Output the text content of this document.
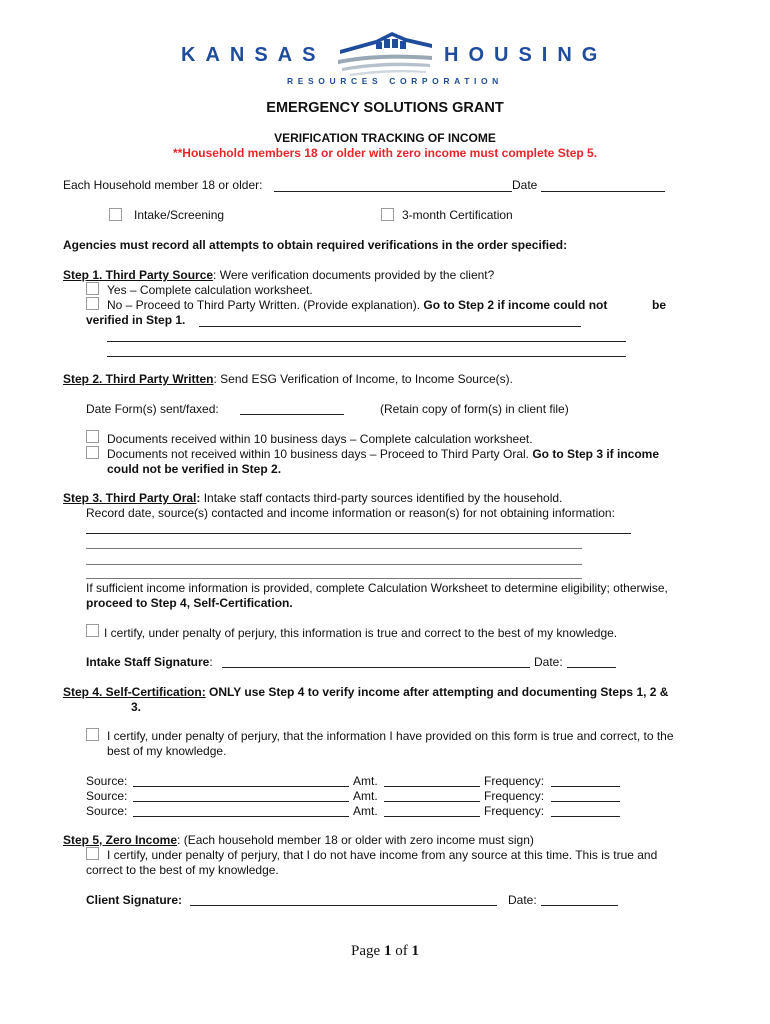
KANSAS	HOUSING
RESOURCES CORPORATION
EMERGENCY SOLUTIONS GRANT
VERIFICATION TRACKING OF INCOME
**Household members 18 or older with zero income must complete Step 5.
Each Household member 18 or older:	Date
Intake/Screening	3-month Certification
Agencies must record all attempts to obtain required verifications in the order specified:
Step 1. Third Party Source: Were verification documents provided by the client?
Yes – Complete calculation worksheet.
No – Proceed to Third Party Written. (Provide explanation). Go to Step 2 if income could not	be
verified in Step 1.
Step 2. Third Party Written: Send ESG Verification of Income, to Income Source(s).
Date Form(s) sent/faxed:	(Retain copy of form(s) in client file)
Documents received within 10 business days – Complete calculation worksheet.
Documents not received within 10 business days – Proceed to Third Party Oral. Go to Step 3 if income
could not be verified in Step 2.
Step 3. Third Party Oral: Intake staff contacts third-party sources identified by the household.
Record date, source(s) contacted and income information or reason(s) for not obtaining information:
If sufficient income information is provided, complete Calculation Worksheet to determine eligibility; otherwise,
proceed to Step 4, Self-Certification.
I certify, under penalty of perjury, this information is true and correct to the best of my knowledge.
Intake Staff Signature:	Date:
Step 4. Self-Certification: ONLY use Step 4 to verify income after attempting and documenting Steps 1, 2 &
3.
I certify, under penalty of perjury, that the information I have provided on this form is true and correct, to the
best of my knowledge.
Source:	Amt.	Frequency:
Source:	Amt.	Frequency:
Source:	Amt.	Frequency:
Step 5, Zero Income: (Each household member 18 or older with zero income must sign)
I certify, under penalty of perjury, that I do not have income from any source at this time. This is true and
correct to the best of my knowledge.
Client Signature:	Date:
Page 1 of 1
